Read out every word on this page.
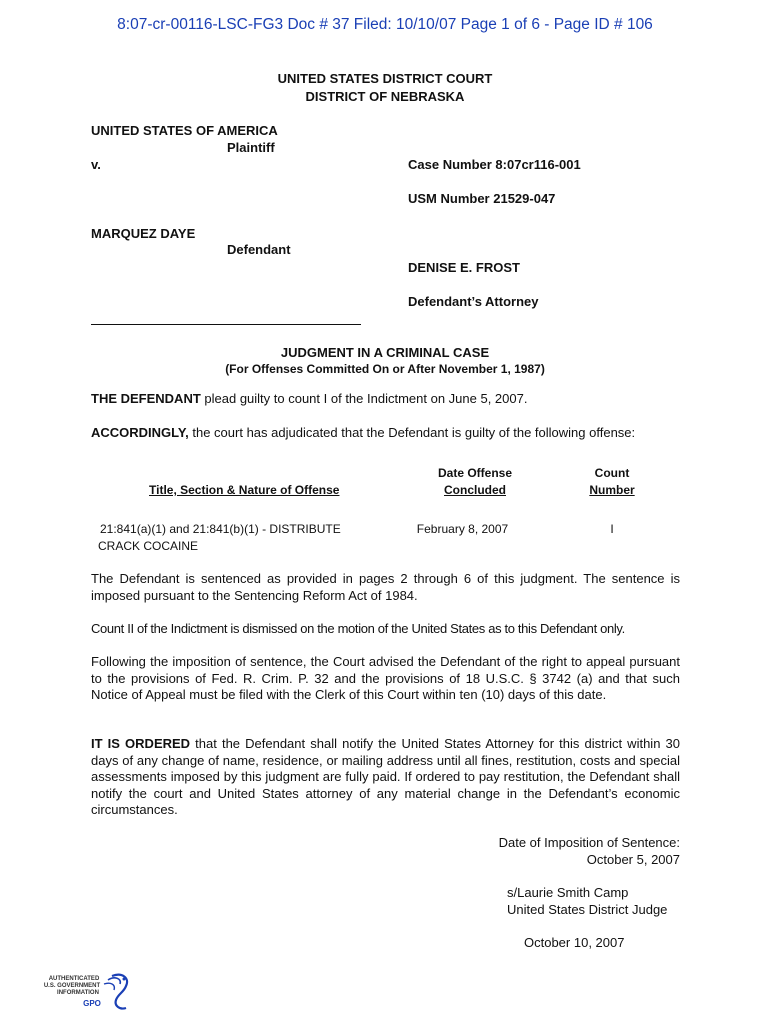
8:07-cr-00116-LSC-FG3 Doc # 37 Filed: 10/10/07 Page 1 of 6 - Page ID # 106
UNITED STATES DISTRICT COURT
DISTRICT OF NEBRASKA
UNITED STATES OF AMERICA
Plaintiff
v.	Case Number 8:07cr116-001
USM Number 21529-047
MARQUEZ DAYE
Defendant
DENISE E. FROST
Defendant’s Attorney
JUDGMENT IN A CRIMINAL CASE
(For Offenses Committed On or After November 1, 1987)
THE DEFENDANT plead guilty to count I of the Indictment on June 5, 2007.
ACCORDINGLY, the court has adjudicated that the Defendant is guilty of the following offense:
Title, Section & Nature of Offense
Date Offense
Concluded
Count
Number
21:841(a)(1) and 21:841(b)(1) - DISTRIBUTE
CRACK COCAINE
February 8, 2007	I
The Defendant is sentenced as provided in pages 2 through 6 of this judgment. The sentence is imposed pursuant to the Sentencing Reform Act of 1984.
Count II of the Indictment is dismissed on the motion of the United States as to this Defendant only.
Following the imposition of sentence, the Court advised the Defendant of the right to appeal pursuant to the provisions of Fed. R. Crim. P. 32 and the provisions of 18 U.S.C. § 3742 (a) and that such Notice of Appeal must be filed with the Clerk of this Court within ten (10) days of this date.
IT IS ORDERED that the Defendant shall notify the United States Attorney for this district within 30 days of any change of name, residence, or mailing address until all fines, restitution, costs and special assessments imposed by this judgment are fully paid. If ordered to pay restitution, the Defendant shall notify the court and United States attorney of any material change in the Defendant’s economic circumstances.
Date of Imposition of Sentence:
October 5, 2007
s/Laurie Smith Camp
United States District Judge
October 10, 2007
AUTHENTICATED
U.S. GOVERNMENT
INFORMATION
GPO
